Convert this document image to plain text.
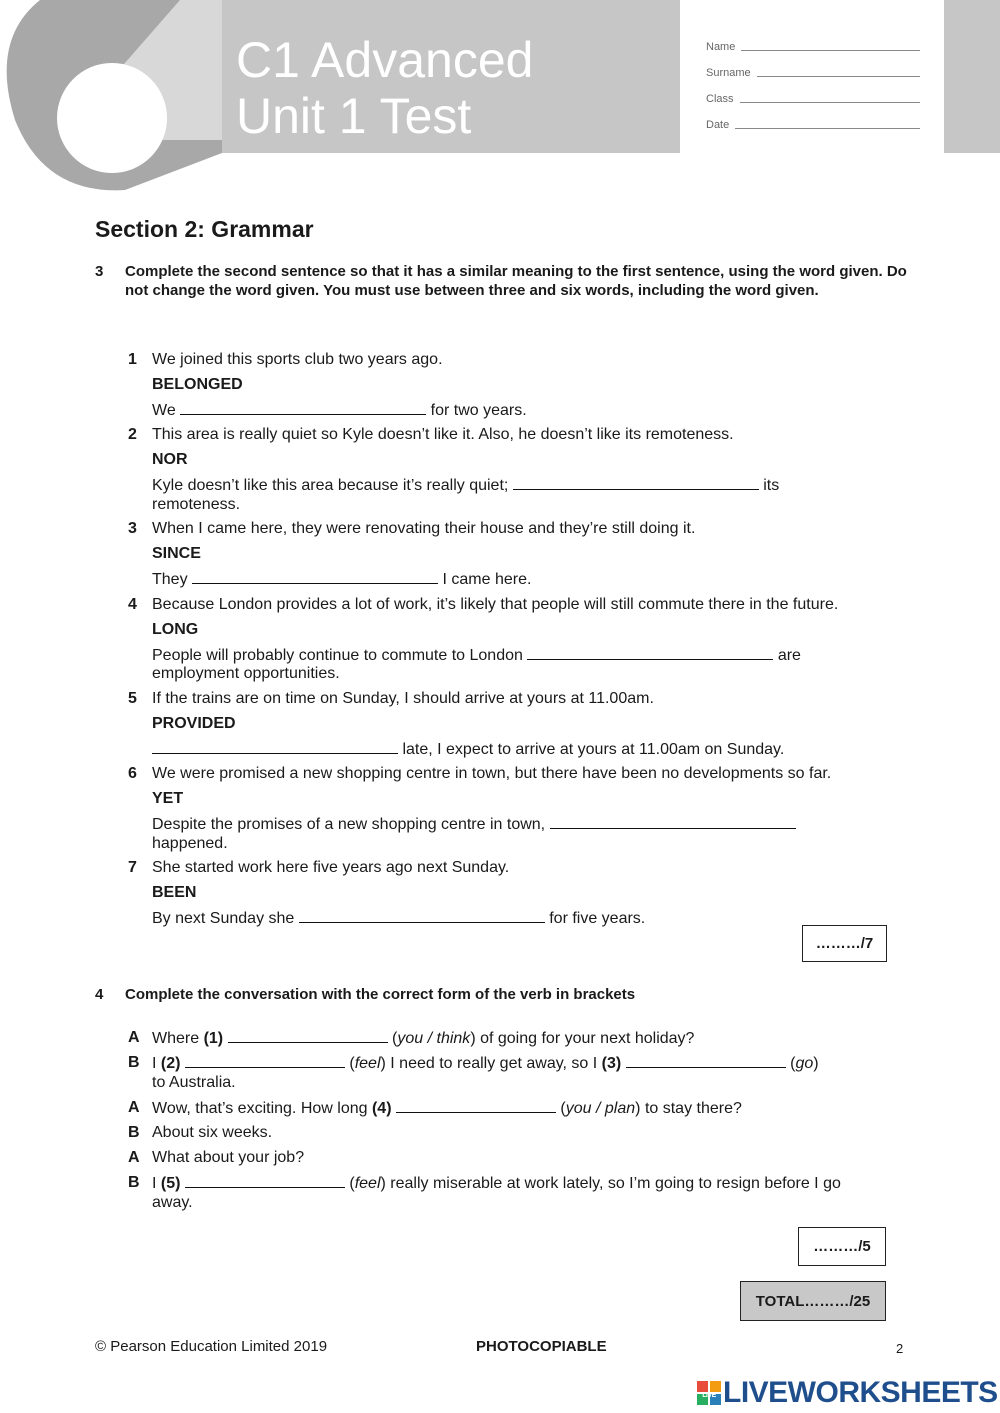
C1 Advanced
Unit 1 Test
Name
Surname
Class
Date
Section 2: Grammar
3 Complete the second sentence so that it has a similar meaning to the first sentence, using the word given. Do not change the word given. You must use between three and six words, including the word given.
1 We joined this sports club two years ago.
BELONGED
We	for two years.
2 This area is really quiet so Kyle doesn’t like it. Also, he doesn’t like its remoteness.
NOR
Kyle doesn’t like this area because it’s really quiet;	its
remoteness.
3 When I came here, they were renovating their house and they’re still doing it.
SINCE
They	I came here.
4 Because London provides a lot of work, it’s likely that people will still commute there in the future.
LONG
People will probably continue to commute to London	are
employment opportunities.
5 If the trains are on time on Sunday, I should arrive at yours at 11.00am.
PROVIDED
late, I expect to arrive at yours at 11.00am on Sunday.
6 We were promised a new shopping centre in town, but there have been no developments so far.
YET
Despite the promises of a new shopping centre in town,
happened.
7 She started work here five years ago next Sunday.
BEEN
By next Sunday she	for five years.
………/7
4 Complete the conversation with the correct form of the verb in brackets
A Where (1)	(you / think) of going for your next holiday?
B I (2)	(feel) I need to really get away, so I (3)	(go)
to Australia.
A Wow, that’s exciting. How long (4)	(you / plan) to stay there?
B About six weeks.
A What about your job?
B I (5)	(feel) really miserable at work lately, so I’m going to resign before I go
away.
………/5
TOTAL………/25
© Pearson Education Limited 2019	PHOTOCOPIABLE	2
LIVE LIVEWORKSHEETS
